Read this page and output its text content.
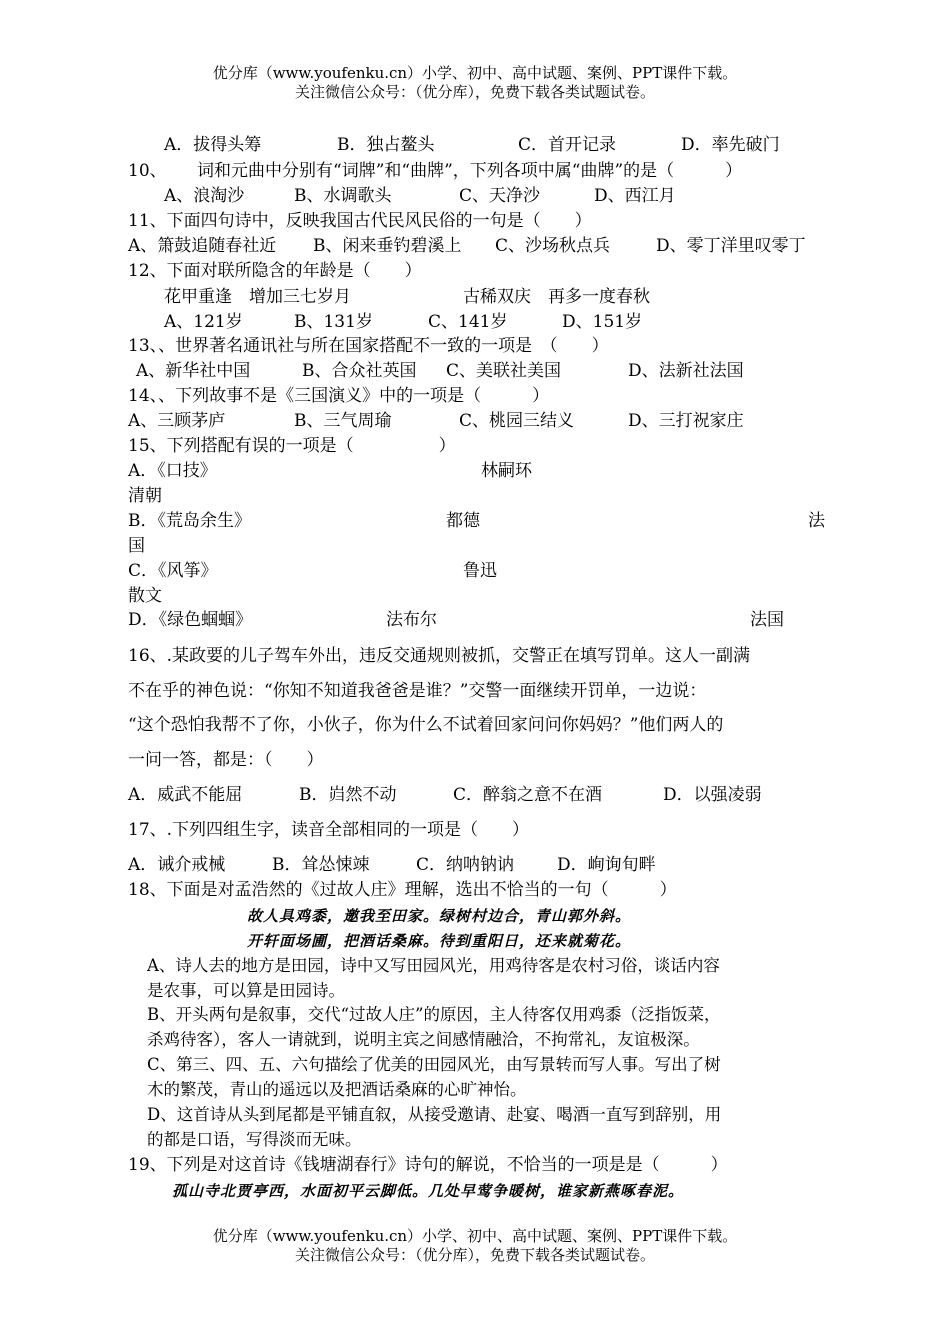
优分库（www.youfenku.cn）小学、初中、高中试题、案例、PPT课件下载。
关注微信公众号：（优分库），免费下载各类试题试卷。
A．拔得头筹	B．独占鳌头	C．首开记录	D．率先破门
10、 词和元曲中分别有“词牌”和“曲牌”，下列各项中属“曲牌”的是（　　　）
A、浪淘沙	B、水调歌头	C、天净沙	D、西江月
11、下面四句诗中，反映我国古代民风民俗的一句是（　　）
A、箫鼓追随春社近 B、闲来垂钓碧溪上 C、沙场秋点兵	D、零丁洋里叹零丁
12、下面对联所隐含的年龄是（　　）
花甲重逢　增加三七岁月	古稀双庆　再多一度春秋
A、121岁	B、131岁	C、141岁	D、151岁
13、、世界著名通讯社与所在国家搭配不一致的一项是　（　　）
A、新华社中国	B、合众社英国 C、美联社美国	D、法新社法国
14、、下列故事不是《三国演义》中的一项是（　　　）
A、三顾茅庐	B、三气周瑜	C、桃园三结义	D、三打祝家庄
15、下列搭配有误的一项是（　　　　　）
A．《口技》	林嗣环
清朝
B．《荒岛余生》	都德	法
国
C．《风筝》	鲁迅
散文
D．《绿色蝈蝈》	法布尔	法国
16、.某政要的儿子驾车外出，违反交通规则被抓，交警正在填写罚单。这人一副满
不在乎的神色说：“你知不知道我爸爸是谁？”交警一面继续开罚单，一边说：
“这个恐怕我帮不了你，小伙子，你为什么不试着回家问问你妈妈？”他们两人的
一问一答，都是：（　　）
A．威武不能屈	B．岿然不动	C．醉翁之意不在酒	D．以强凌弱
17、.下列四组生字，读音全部相同的一项是（　　）
A．诫介戒械	B．耸怂悚竦	C．纳呐钠讷	D．峋询旬畔
18、下面是对孟浩然的《过故人庄》理解，选出不恰当的一句（　　　）
故人具鸡黍，邀我至田家。绿树村边合，青山郭外斜。
开轩面场圃，把酒话桑麻。待到重阳日，还来就菊花。
A、诗人去的地方是田园，诗中又写田园风光，用鸡待客是农村习俗，谈话内容
是农事，可以算是田园诗。
B、开头两句是叙事，交代“过故人庄”的原因，主人待客仅用鸡黍（泛指饭菜，
杀鸡待客），客人一请就到，说明主宾之间感情融洽，不拘常礼，友谊极深。
C、第三、四、五、六句描绘了优美的田园风光，由写景转而写人事。写出了树
木的繁茂，青山的遥远以及把酒话桑麻的心旷神怡。
D、这首诗从头到尾都是平铺直叙，从接受邀请、赴宴、喝酒一直写到辞别，用
的都是口语，写得淡而无味。
19、下列是对这首诗《钱塘湖春行》诗句的解说，不恰当的一项是是（　　　）
孤山寺北贾亭西，水面初平云脚低。几处早莺争暖树，谁家新燕啄春泥。
优分库（www.youfenku.cn）小学、初中、高中试题、案例、PPT课件下载。
关注微信公众号：（优分库），免费下载各类试题试卷。
